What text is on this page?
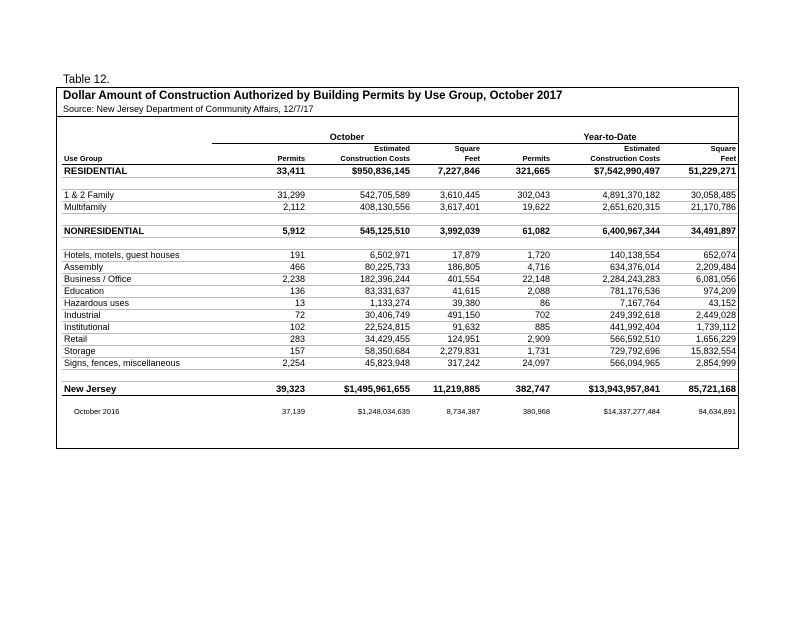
Table 12.
Dollar Amount of Construction Authorized by Building Permits by Use Group, October 2017
Source: New Jersey Department of Community Affairs, 12/7/17

	October			Year-to-Date		
		Estimated	Square		Estimated	Square
Use Group	Permits	Construction Costs	Feet	Permits	Construction Costs	Feet
RESIDENTIAL	33,411	$950,836,145	7,227,846	321,665	$7,542,990,497	51,229,271

1 & 2 Family	31,299	542,705,589	3,610,445	302,043	4,891,370,182	30,058,485
Multifamily	2,112	408,130,556	3,617,401	19,622	2,651,620,315	21,170,786

NONRESIDENTIAL	5,912	545,125,510	3,992,039	61,082	6,400,967,344	34,491,897

Hotels, motels, guest houses	191	6,502,971	17,879	1,720	140,138,554	652,074
Assembly	466	80,225,733	186,805	4,716	634,376,014	2,209,484
Business / Office	2,238	182,396,244	401,554	22,148	2,284,243,283	6,081,056
Education	136	83,331,637	41,615	2,088	781,176,536	974,209
Hazardous uses	13	1,133,274	39,380	86	7,167,764	43,152
Industrial	72	30,406,749	491,150	702	249,392,618	2,449,028
Institutional	102	22,524,815	91,632	885	441,992,404	1,739,112
Retail	283	34,429,455	124,951	2,909	566,592,510	1,656,229
Storage	157	58,350,684	2,279,831	1,731	729,792,696	15,832,554
Signs, fences, miscellaneous	2,254	45,823,948	317,242	24,097	566,094,965	2,854,999

New Jersey	39,323	$1,495,961,655	11,219,885	382,747	$13,943,957,841	85,721,168

October 2016	37,139	$1,248,034,635	8,734,387	380,968	$14,337,277,484	94,634,891
